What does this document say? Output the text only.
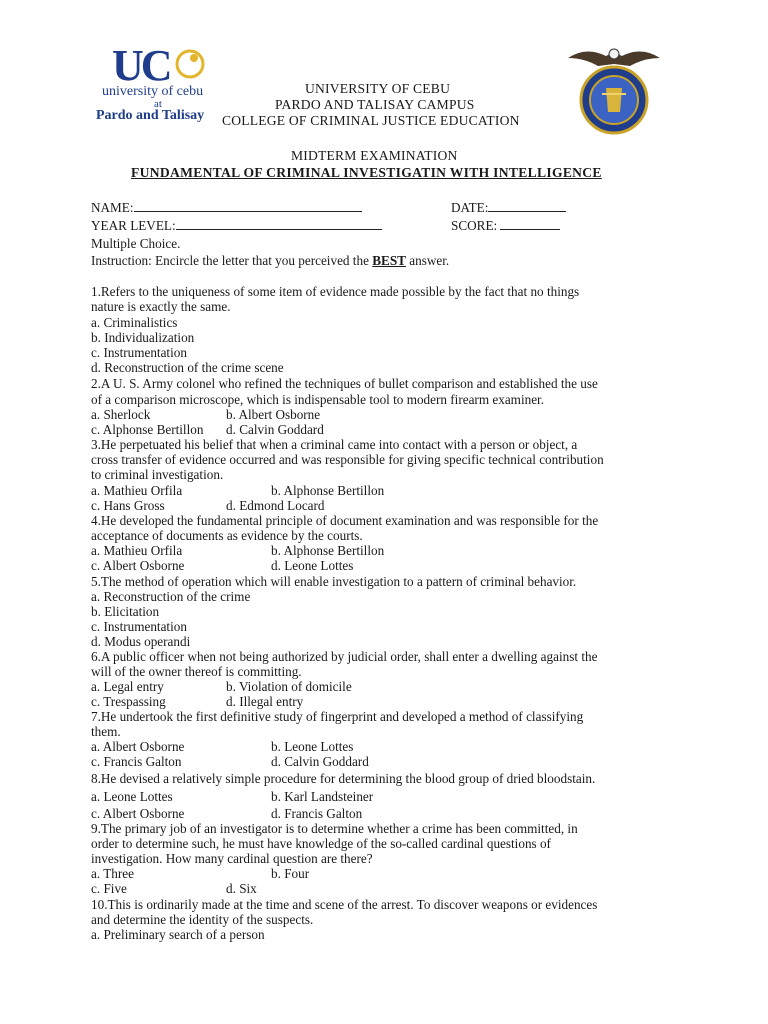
UC
university of cebu
at
Pardo and Talisay
UNIVERSITY OF CEBU
PARDO AND TALISAY CAMPUS
COLLEGE OF CRIMINAL JUSTICE EDUCATION
MIDTERM EXAMINATION
FUNDAMENTAL OF CRIMINAL INVESTIGATIN WITH INTELLIGENCE
NAME:	DATE:
YEAR LEVEL:	SCORE:
Multiple Choice.
Instruction: Encircle the letter that you perceived the BEST answer.
1.Refers to the uniqueness of some item of evidence made possible by the fact that no things
nature is exactly the same.
a. Criminalistics
b. Individualization
c. Instrumentation
d. Reconstruction of the crime scene
2.A U. S. Army colonel who refined the techniques of bullet comparison and established the use
of a comparison microscope, which is indispensable tool to modern firearm examiner.
a. Sherlock	b. Albert Osborne
c. Alphonse Bertillon d. Calvin Goddard
3.He perpetuated his belief that when a criminal came into contact with a person or object, a
cross transfer of evidence occurred and was responsible for giving specific technical contribution
to criminal investigation.
a. Mathieu Orfila	b. Alphonse Bertillon
c. Hans Gross	d. Edmond Locard
4.He developed the fundamental principle of document examination and was responsible for the
acceptance of documents as evidence by the courts.
a. Mathieu Orfila	b. Alphonse Bertillon
c. Albert Osborne	d. Leone Lottes
5.The method of operation which will enable investigation to a pattern of criminal behavior.
a. Reconstruction of the crime
b. Elicitation
c. Instrumentation
d. Modus operandi
6.A public officer when not being authorized by judicial order, shall enter a dwelling against the
will of the owner thereof is committing.
a. Legal entry	b. Violation of domicile
c. Trespassing	d. Illegal entry
7.He undertook the first definitive study of fingerprint and developed a method of classifying
them.
a. Albert Osborne	b. Leone Lottes
c. Francis Galton	d. Calvin Goddard
8.He devised a relatively simple procedure for determining the blood group of dried bloodstain.
a. Leone Lottes	b. Karl Landsteiner
c. Albert Osborne	d. Francis Galton
9.The primary job of an investigator is to determine whether a crime has been committed, in
order to determine such, he must have knowledge of the so-called cardinal questions of
investigation. How many cardinal question are there?
a. Three	b. Four
c. Five	d. Six
10.This is ordinarily made at the time and scene of the arrest. To discover weapons or evidences
and determine the identity of the suspects.
a. Preliminary search of a person
